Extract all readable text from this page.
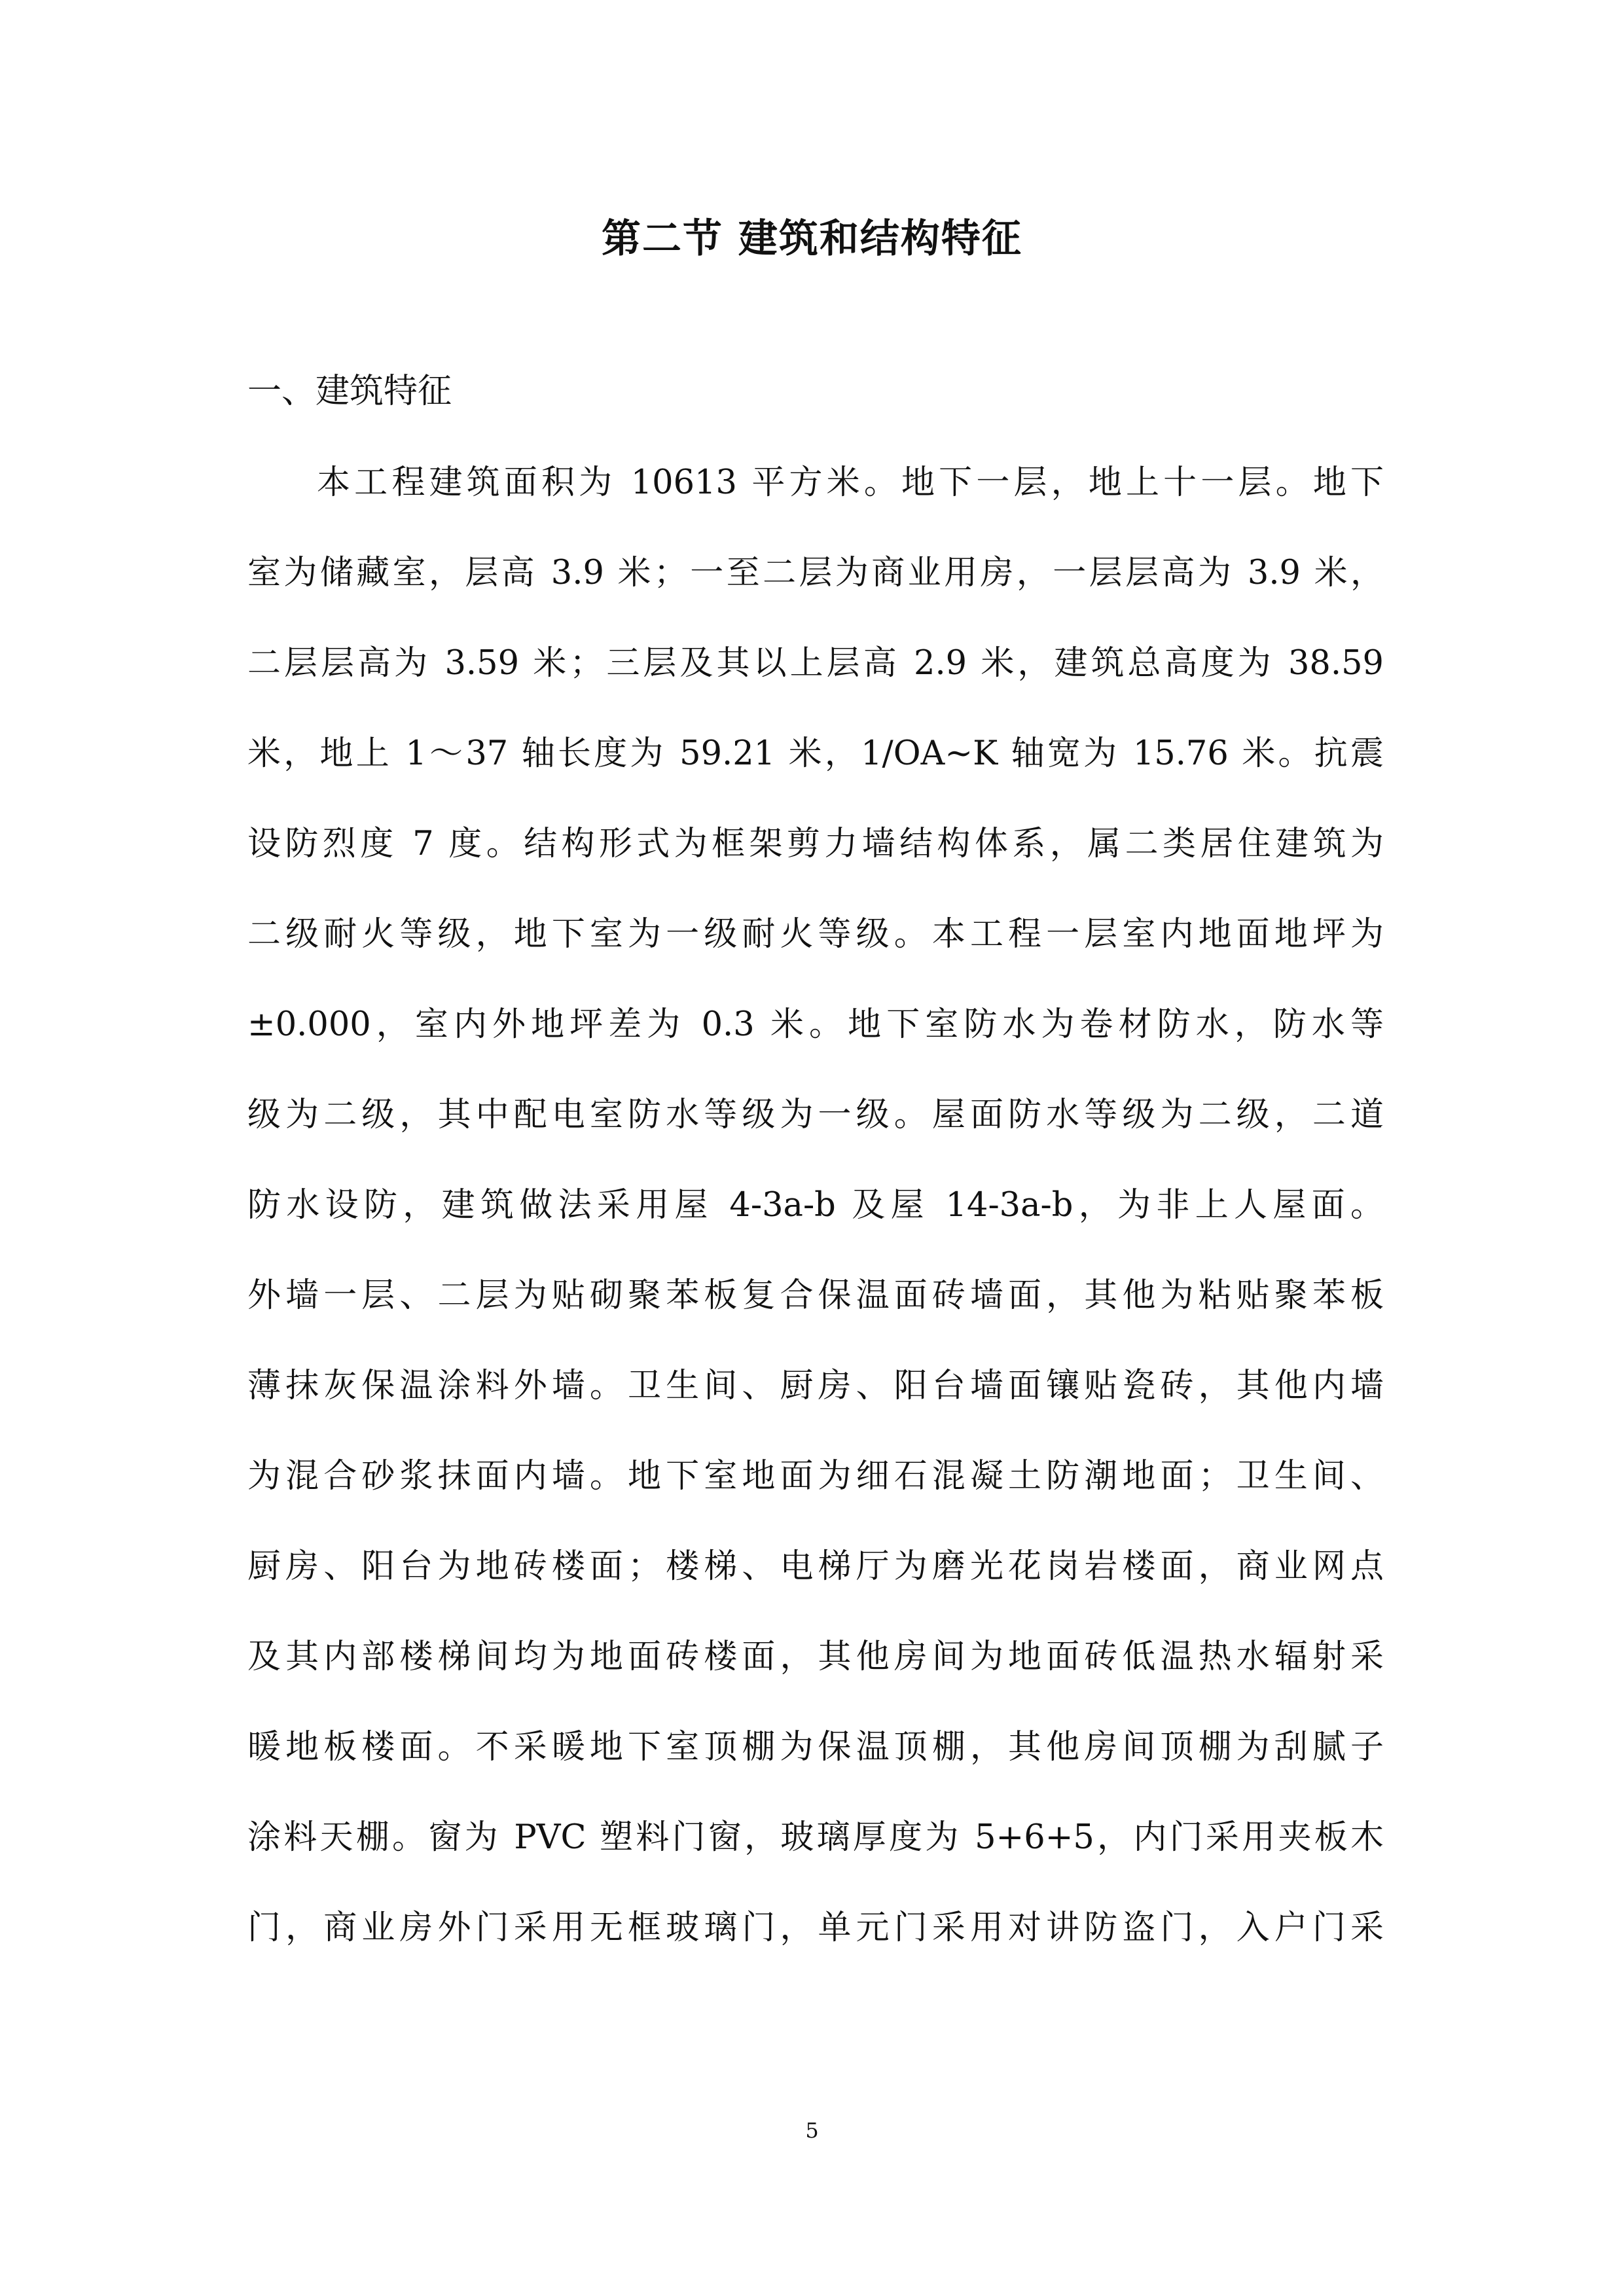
第二节 建筑和结构特征
一、建筑特征
本工程建筑面积为 10613 平方米。地下一层，地上十一层。地下
室为储藏室，层高 3.9 米；一至二层为商业用房，一层层高为 3.9 米，
二层层高为 3.59 米；三层及其以上层高 2.9 米，建筑总高度为 38.59
米，地上 1～37 轴长度为 59.21 米，1/OA~K 轴宽为 15.76 米。抗震
设防烈度 7 度。结构形式为框架剪力墙结构体系，属二类居住建筑为
二级耐火等级，地下室为一级耐火等级。本工程一层室内地面地坪为
±0.000，室内外地坪差为 0.3 米。地下室防水为卷材防水，防水等
级为二级，其中配电室防水等级为一级。屋面防水等级为二级，二道
防水设防，建筑做法采用屋 4-3a-b 及屋 14-3a-b，为非上人屋面。
外墙一层、二层为贴砌聚苯板复合保温面砖墙面，其他为粘贴聚苯板
薄抹灰保温涂料外墙。卫生间、厨房、阳台墙面镶贴瓷砖，其他内墙
为混合砂浆抹面内墙。地下室地面为细石混凝土防潮地面；卫生间、
厨房、阳台为地砖楼面；楼梯、电梯厅为磨光花岗岩楼面，商业网点
及其内部楼梯间均为地面砖楼面，其他房间为地面砖低温热水辐射采
暖地板楼面。不采暖地下室顶棚为保温顶棚，其他房间顶棚为刮腻子
涂料天棚。窗为 PVC 塑料门窗，玻璃厚度为 5+6+5，内门采用夹板木
门，商业房外门采用无框玻璃门，单元门采用对讲防盗门，入户门采
5
